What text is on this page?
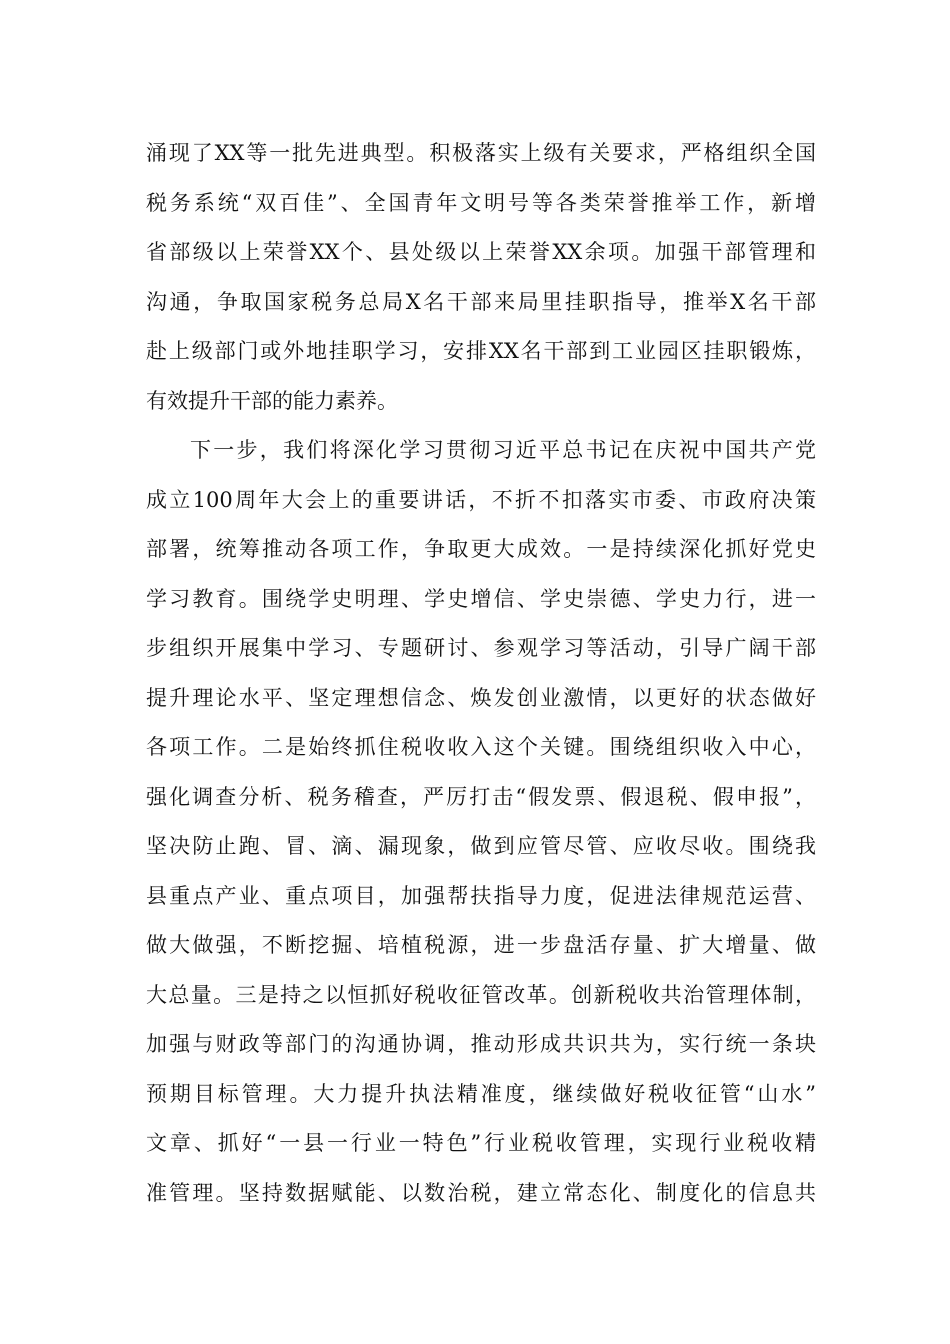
涌现了XX等一批先进典型。积极落实上级有关要求，严格组织全国
税务系统“双百佳”、全国青年文明号等各类荣誉推举工作，新增
省部级以上荣誉XX个、县处级以上荣誉XX余项。加强干部管理和
沟通，争取国家税务总局X名干部来局里挂职指导，推举X名干部
赴上级部门或外地挂职学习，安排XX名干部到工业园区挂职锻炼，
有效提升干部的能力素养。
下一步，我们将深化学习贯彻习近平总书记在庆祝中国共产党
成立100周年大会上的重要讲话，不折不扣落实市委、市政府决策
部署，统筹推动各项工作，争取更大成效。一是持续深化抓好党史
学习教育。围绕学史明理、学史增信、学史崇德、学史力行，进一
步组织开展集中学习、专题研讨、参观学习等活动，引导广阔干部
提升理论水平、坚定理想信念、焕发创业激情，以更好的状态做好
各项工作。二是始终抓住税收收入这个关键。围绕组织收入中心，
强化调查分析、税务稽查，严厉打击“假发票、假退税、假申报”，
坚决防止跑、冒、滴、漏现象，做到应管尽管、应收尽收。围绕我
县重点产业、重点项目，加强帮扶指导力度，促进法律规范运营、
做大做强，不断挖掘、培植税源，进一步盘活存量、扩大增量、做
大总量。三是持之以恒抓好税收征管改革。创新税收共治管理体制，
加强与财政等部门的沟通协调，推动形成共识共为，实行统一条块
预期目标管理。大力提升执法精准度，继续做好税收征管“山水”
文章、抓好“一县一行业一特色”行业税收管理，实现行业税收精
准管理。坚持数据赋能、以数治税，建立常态化、制度化的信息共
